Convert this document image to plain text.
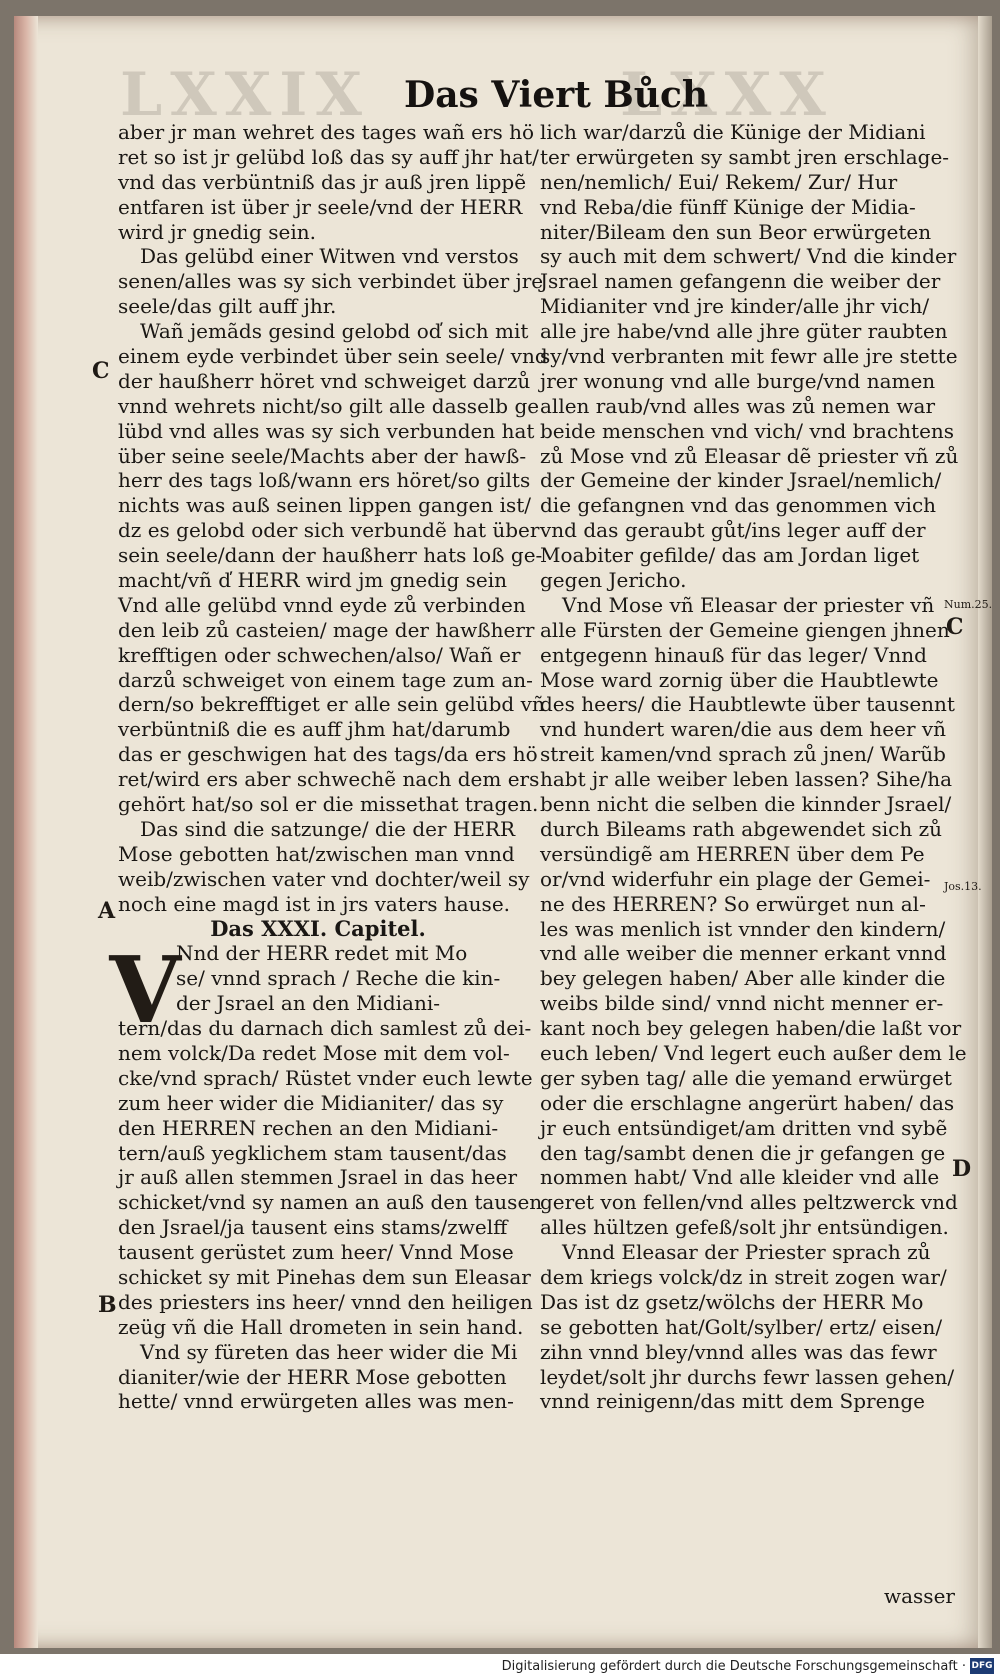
LXXIX	LXXX
Das Viert Bůch
V
aber jr man wehret des tages wañ ers hö
ret so ist jr gelübd loß das sy auff jhr hat/
vnd das verbüntniß das jr auß jren lippẽ
entfaren ist über jr seele/vnd der HERR
wird jr gnedig sein.
Das gelübd einer Witwen vnd verstos
senen/alles was sy sich verbindet über jre
seele/das gilt auff jhr.
Wañ jemãds gesind gelobd od̕ sich mit
einem eyde verbindet über sein seele/ vnd
der haußherr höret vnd schweiget darzů
vnnd wehrets nicht/so gilt alle dasselb ge
lübd vnd alles was sy sich verbunden hat
über seine seele/Machts aber der hawß-
herr des tags loß/wann ers höret/so gilts
nichts was auß seinen lippen gangen ist/
dz es gelobd oder sich verbundẽ hat über
sein seele/dann der haußherr hats loß ge-
macht/vñ d̕ HERR wird jm gnedig sein
Vnd alle gelübd vnnd eyde zů verbinden
den leib zů casteien/ mage der hawßherr
krefftigen oder schwechen/also/ Wañ er
darzů schweiget von einem tage zum an-
dern/so bekrefftiget er alle sein gelübd vñ
verbüntniß die es auff jhm hat/darumb
das er geschwigen hat des tags/da ers hö
ret/wird ers aber schwechẽ nach dem ers
gehört hat/so sol er die missethat tragen.
Das sind die satzunge/ die der HERR
Mose gebotten hat/zwischen man vnnd
weib/zwischen vater vnd dochter/weil sy
noch eine magd ist in jrs vaters hause.
Das XXXI. Capitel.
Nnd der HERR redet mit Mo
se/ vnnd sprach / Reche die kin-
der Jsrael an den Midiani-
tern/das du darnach dich samlest zů dei-
nem volck/Da redet Mose mit dem vol-
cke/vnd sprach/ Rüstet vnder euch lewte
zum heer wider die Midianiter/ das sy
den HERREN rechen an den Midiani-
tern/auß yegklichem stam tausent/das
jr auß allen stemmen Jsrael in das heer
schicket/vnd sy namen an auß den tausen
den Jsrael/ja tausent eins stams/zwelff
tausent gerüstet zum heer/ Vnnd Mose
schicket sy mit Pinehas dem sun Eleasar
des priesters ins heer/ vnnd den heiligen
zeüg vñ die Hall drometen in sein hand.
Vnd sy füreten das heer wider die Mi
dianiter/wie der HERR Mose gebotten
hette/ vnnd erwürgeten alles was men-
lich war/darzů die Künige der Midiani
ter erwürgeten sy sambt jren erschlage-
nen/nemlich/ Eui/ Rekem/ Zur/ Hur
vnd Reba/die fünff Künige der Midia-
niter/Bileam den sun Beor erwürgeten
sy auch mit dem schwert/ Vnd die kinder
Jsrael namen gefangenn die weiber der
Midianiter vnd jre kinder/alle jhr vich/
alle jre habe/vnd alle jhre güter raubten
sy/vnd verbranten mit fewr alle jre stette
jrer wonung vnd alle burge/vnd namen
allen raub/vnd alles was zů nemen war
beide menschen vnd vich/ vnd brachtens
zů Mose vnd zů Eleasar dẽ priester vñ zů
der Gemeine der kinder Jsrael/nemlich/
die gefangnen vnd das genommen vich
vnd das geraubt gůt/ins leger auff der
Moabiter gefilde/ das am Jordan liget
gegen Jericho.
Vnd Mose vñ Eleasar der priester vñ
alle Fürsten der Gemeine giengen jhnen
entgegenn hinauß für das leger/ Vnnd
Mose ward zornig über die Haubtlewte
des heers/ die Haubtlewte über tausennt
vnd hundert waren/die aus dem heer vñ
streit kamen/vnd sprach zů jnen/ Warũb
habt jr alle weiber leben lassen? Sihe/ha
benn nicht die selben die kinnder Jsrael/
durch Bileams rath abgewendet sich zů
versündigẽ am HERREN über dem Pe
or/vnd widerfuhr ein plage der Gemei-
ne des HERREN? So erwürget nun al-
les was menlich ist vnnder den kindern/
vnd alle weiber die menner erkant vnnd
bey gelegen haben/ Aber alle kinder die
weibs bilde sind/ vnnd nicht menner er-
kant noch bey gelegen haben/die laßt vor
euch leben/ Vnd legert euch außer dem le
ger syben tag/ alle die yemand erwürget
oder die erschlagne angerürt haben/ das
jr euch entsündiget/am dritten vnd sybẽ
den tag/sambt denen die jr gefangen ge
nommen habt/ Vnd alle kleider vnd alle
geret von fellen/vnd alles peltzwerck vnd
alles hültzen gefeß/solt jhr entsündigen.
Vnnd Eleasar der Priester sprach zů
dem kriegs volck/dz in streit zogen war/
Das ist dz gsetz/wölchs der HERR Mo
se gebotten hat/Golt/sylber/ ertz/ eisen/
zihn vnnd bley/vnnd alles was das fewr
leydet/solt jhr durchs fewr lassen gehen/
vnnd reinigenn/das mitt dem Sprenge
C
A
B
Num.25.
C
Jos.13.
D
wasser
Digitalisierung gefördert durch die Deutsche Forschungsgemeinschaft · DFG
